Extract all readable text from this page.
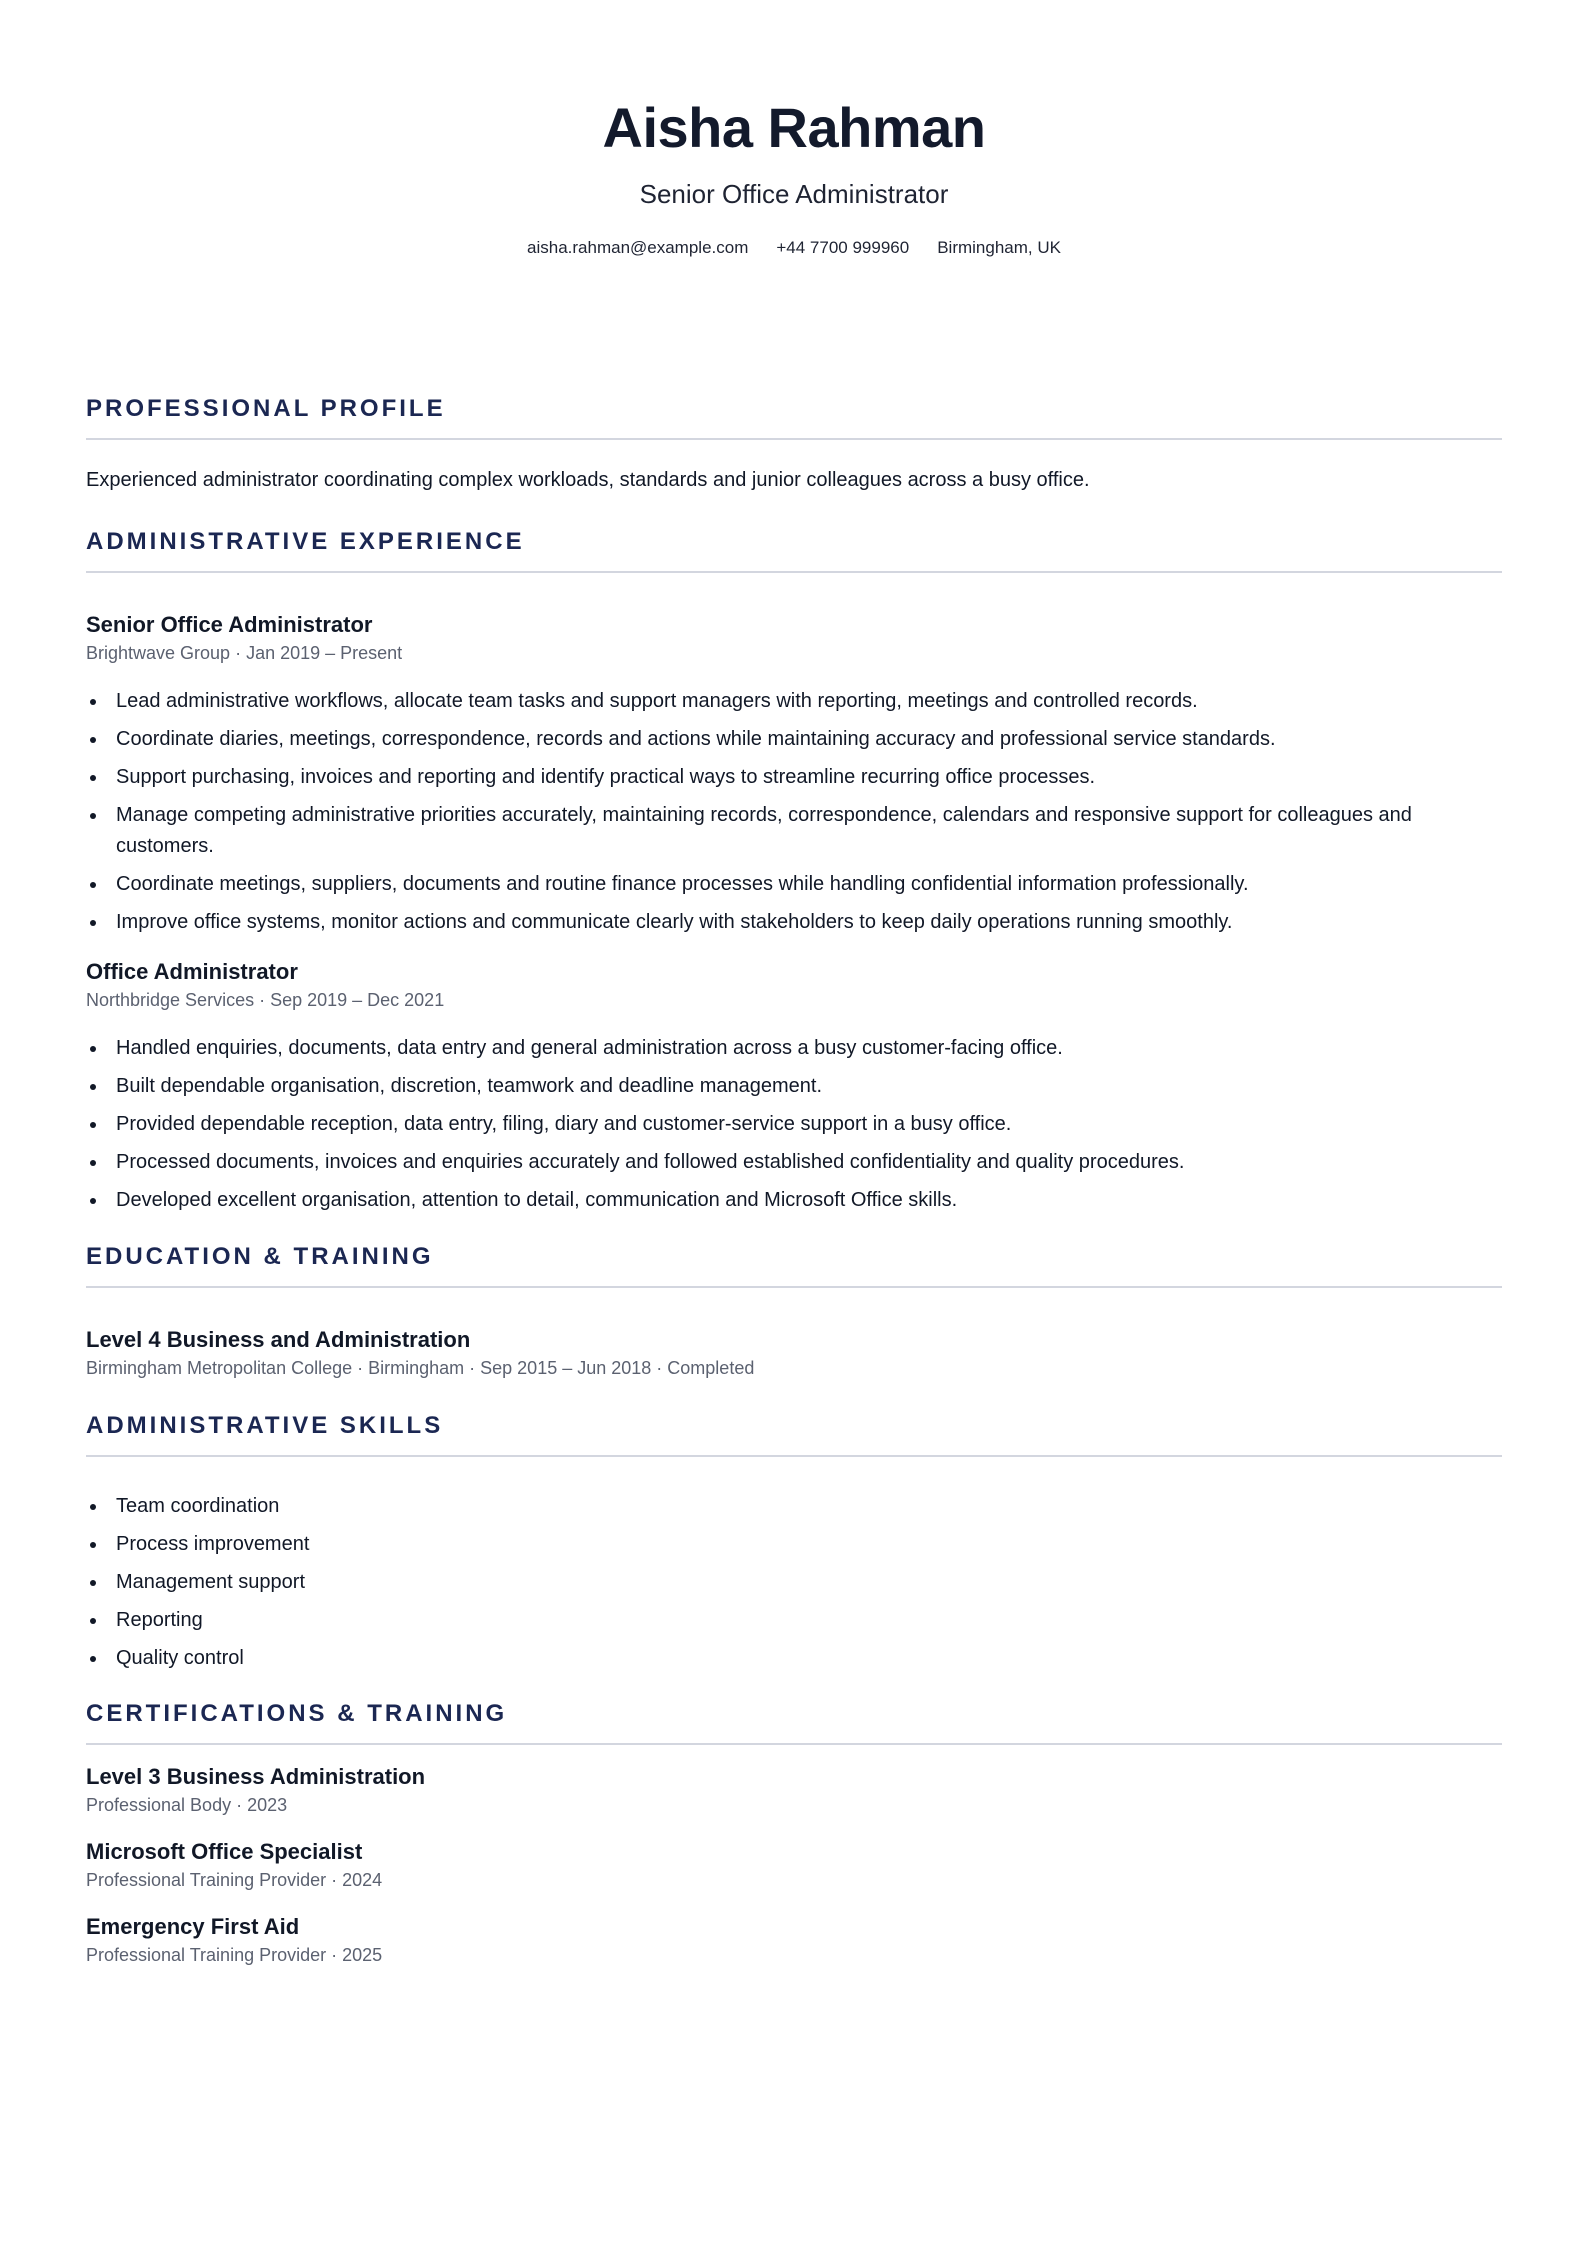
Aisha Rahman
Senior Office Administrator
aisha.rahman@example.com +44 7700 999960 Birmingham, UK
PROFESSIONAL PROFILE
Experienced administrator coordinating complex workloads, standards and junior colleagues across a busy office.
ADMINISTRATIVE EXPERIENCE
Senior Office Administrator
Brightwave Group · Jan 2019 – Present
Lead administrative workflows, allocate team tasks and support managers with reporting, meetings and controlled records.
Coordinate diaries, meetings, correspondence, records and actions while maintaining accuracy and professional service standards.
Support purchasing, invoices and reporting and identify practical ways to streamline recurring office processes.
Manage competing administrative priorities accurately, maintaining records, correspondence, calendars and responsive support for colleagues and customers.
Coordinate meetings, suppliers, documents and routine finance processes while handling confidential information professionally.
Improve office systems, monitor actions and communicate clearly with stakeholders to keep daily operations running smoothly.
Office Administrator
Northbridge Services · Sep 2019 – Dec 2021
Handled enquiries, documents, data entry and general administration across a busy customer-facing office.
Built dependable organisation, discretion, teamwork and deadline management.
Provided dependable reception, data entry, filing, diary and customer-service support in a busy office.
Processed documents, invoices and enquiries accurately and followed established confidentiality and quality procedures.
Developed excellent organisation, attention to detail, communication and Microsoft Office skills.
EDUCATION & TRAINING
Level 4 Business and Administration
Birmingham Metropolitan College · Birmingham · Sep 2015 – Jun 2018 · Completed
ADMINISTRATIVE SKILLS
Team coordination
Process improvement
Management support
Reporting
Quality control
CERTIFICATIONS & TRAINING
Level 3 Business Administration
Professional Body · 2023
Microsoft Office Specialist
Professional Training Provider · 2024
Emergency First Aid
Professional Training Provider · 2025
